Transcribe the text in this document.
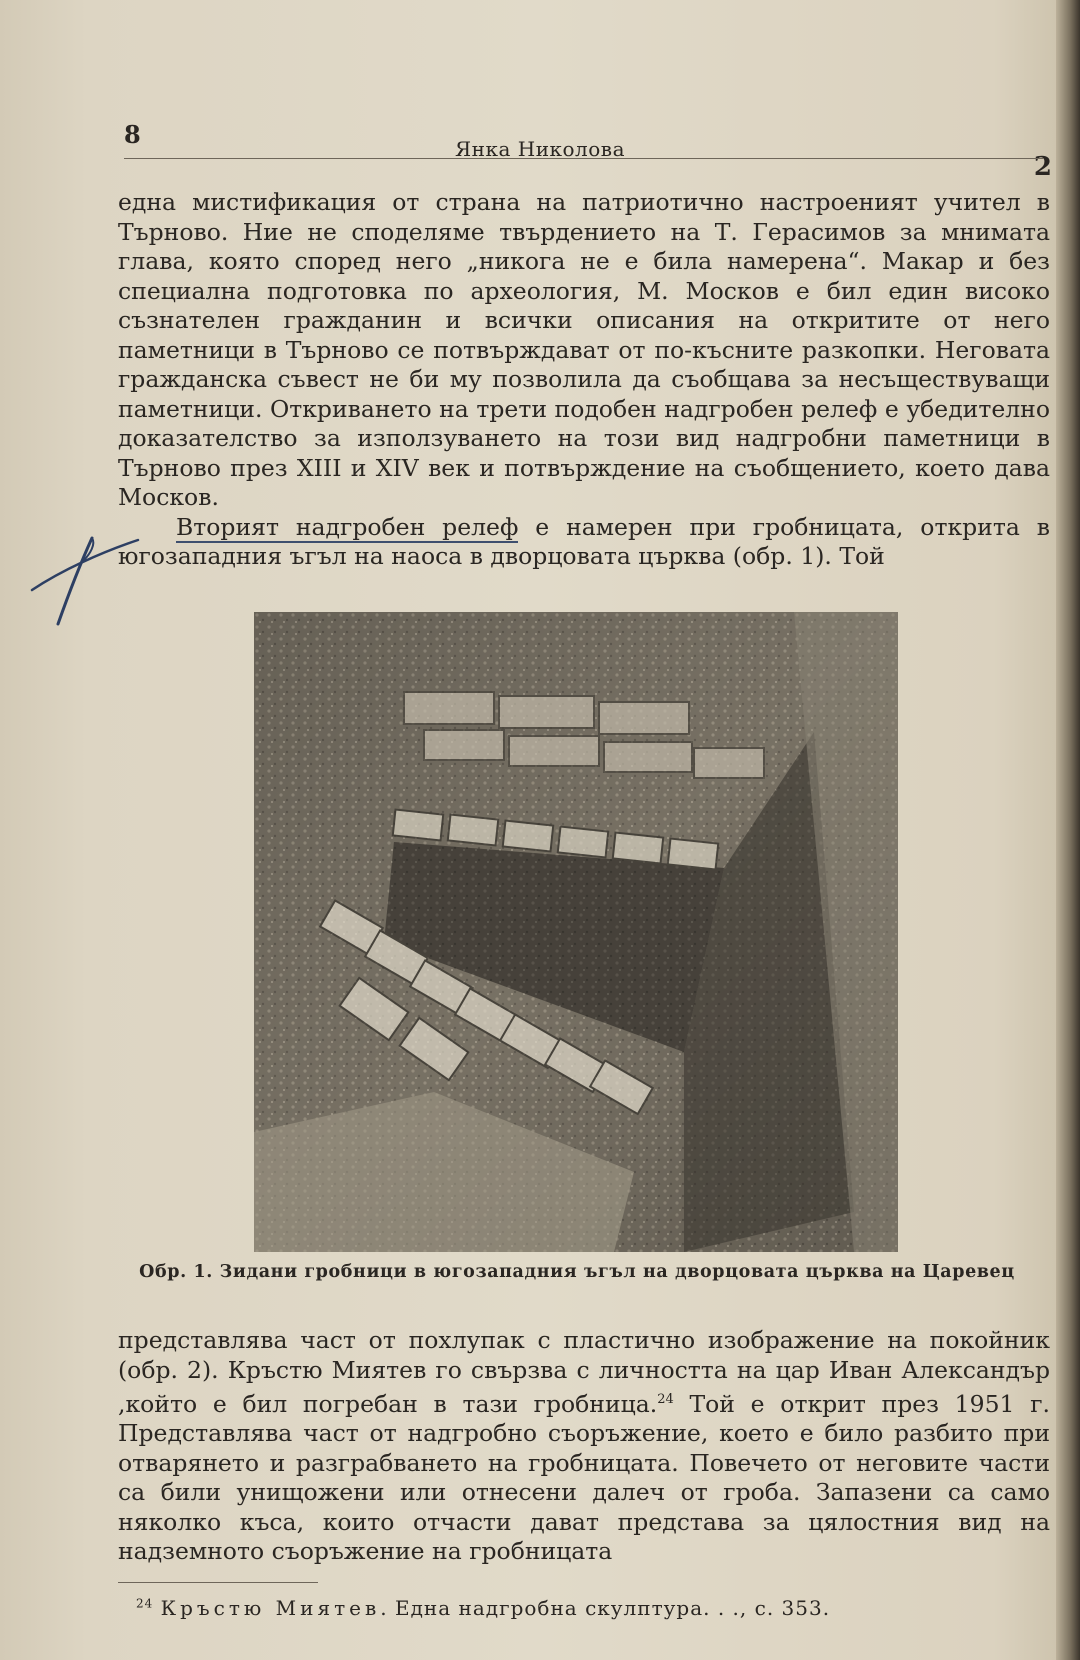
8	Янка Николова
2

една мистификация от страна на патриотично настроеният учител в Търново. Ние не споделяме твърдението на Т. Герасимов за мнимата глава, която според него „никога не е била намерена“. Макар и без специална подготовка по археология, М. Москов е бил един високо съзнателен гражданин и всички описания на откритите от него паметници в Търново се потвърждават от по-късните разкопки. Неговата гражданска съвест не би му позволила да съобщава за несъществуващи паметници. Откриването на трети подобен надгробен релеф е убедително доказателство за използуването на този вид надгробни паметници в Търново през XIII и XIV век и потвърждение на съобщението, което дава Москов.

Вторият надгробен релеф е намерен при гробницата, открита в югозападния ъгъл на наоса в дворцовата църква (обр. 1). Той

Обр. 1. Зидани гробници в югозападния ъгъл на дворцовата църква на Царевец

представлява част от похлупак с пластично изображение на покойник (обр. 2). Кръстю Миятев го свързва с личността на цар Иван Александър ,който е бил погребан в тази гробница.$^{24}$ Той е открит през 1951 г. Представлява част от надгробно съоръжение, което е било разбито при отварянето и разграбването на гробницата. Повечето от неговите части са били унищожени или отнесени далеч от гроба. Запазени са само няколко къса, които отчасти дават представа за цялостния вид на надземното съоръжение на гробницата

$^{24}$ Кръстю Миятев. Една надгробна скулптура. . ., с. 353.
